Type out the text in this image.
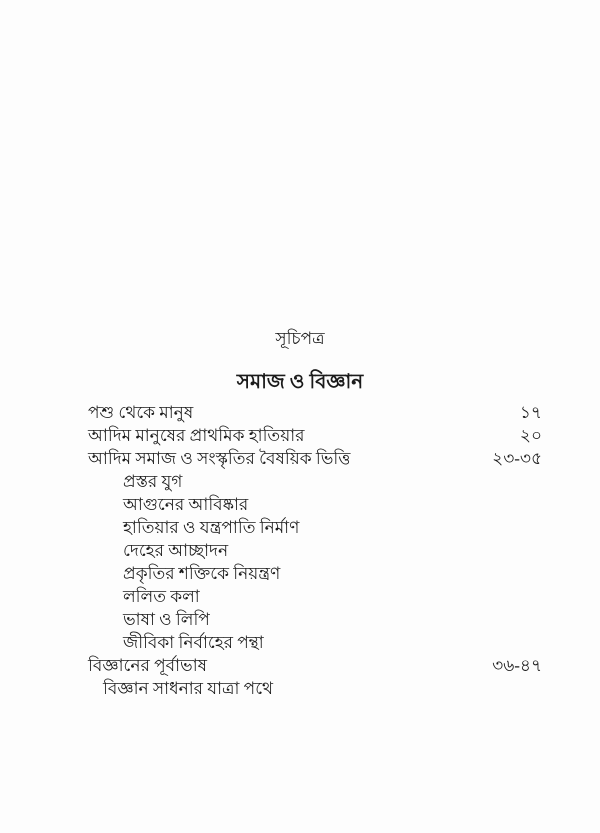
সূচিপত্র
সমাজ ও বিজ্ঞান
পশু থেকে মানুষ	১৭
আদিম মানুষের প্রাথমিক হাতিয়ার	২০
আদিম সমাজ ও সংস্কৃতির বৈষয়িক ভিত্তি	২৩-৩৫
প্রস্তর যুগ
আগুনের আবিষ্কার
হাতিয়ার ও যন্ত্রপাতি নির্মাণ
দেহের আচ্ছাদন
প্রকৃতির শক্তিকে নিয়ন্ত্রণ
ললিত কলা
ভাষা ও লিপি
জীবিকা নির্বাহের পন্থা
বিজ্ঞানের পূর্বাভাষ	৩৬-৪৭
বিজ্ঞান সাধনার যাত্রা পথে
